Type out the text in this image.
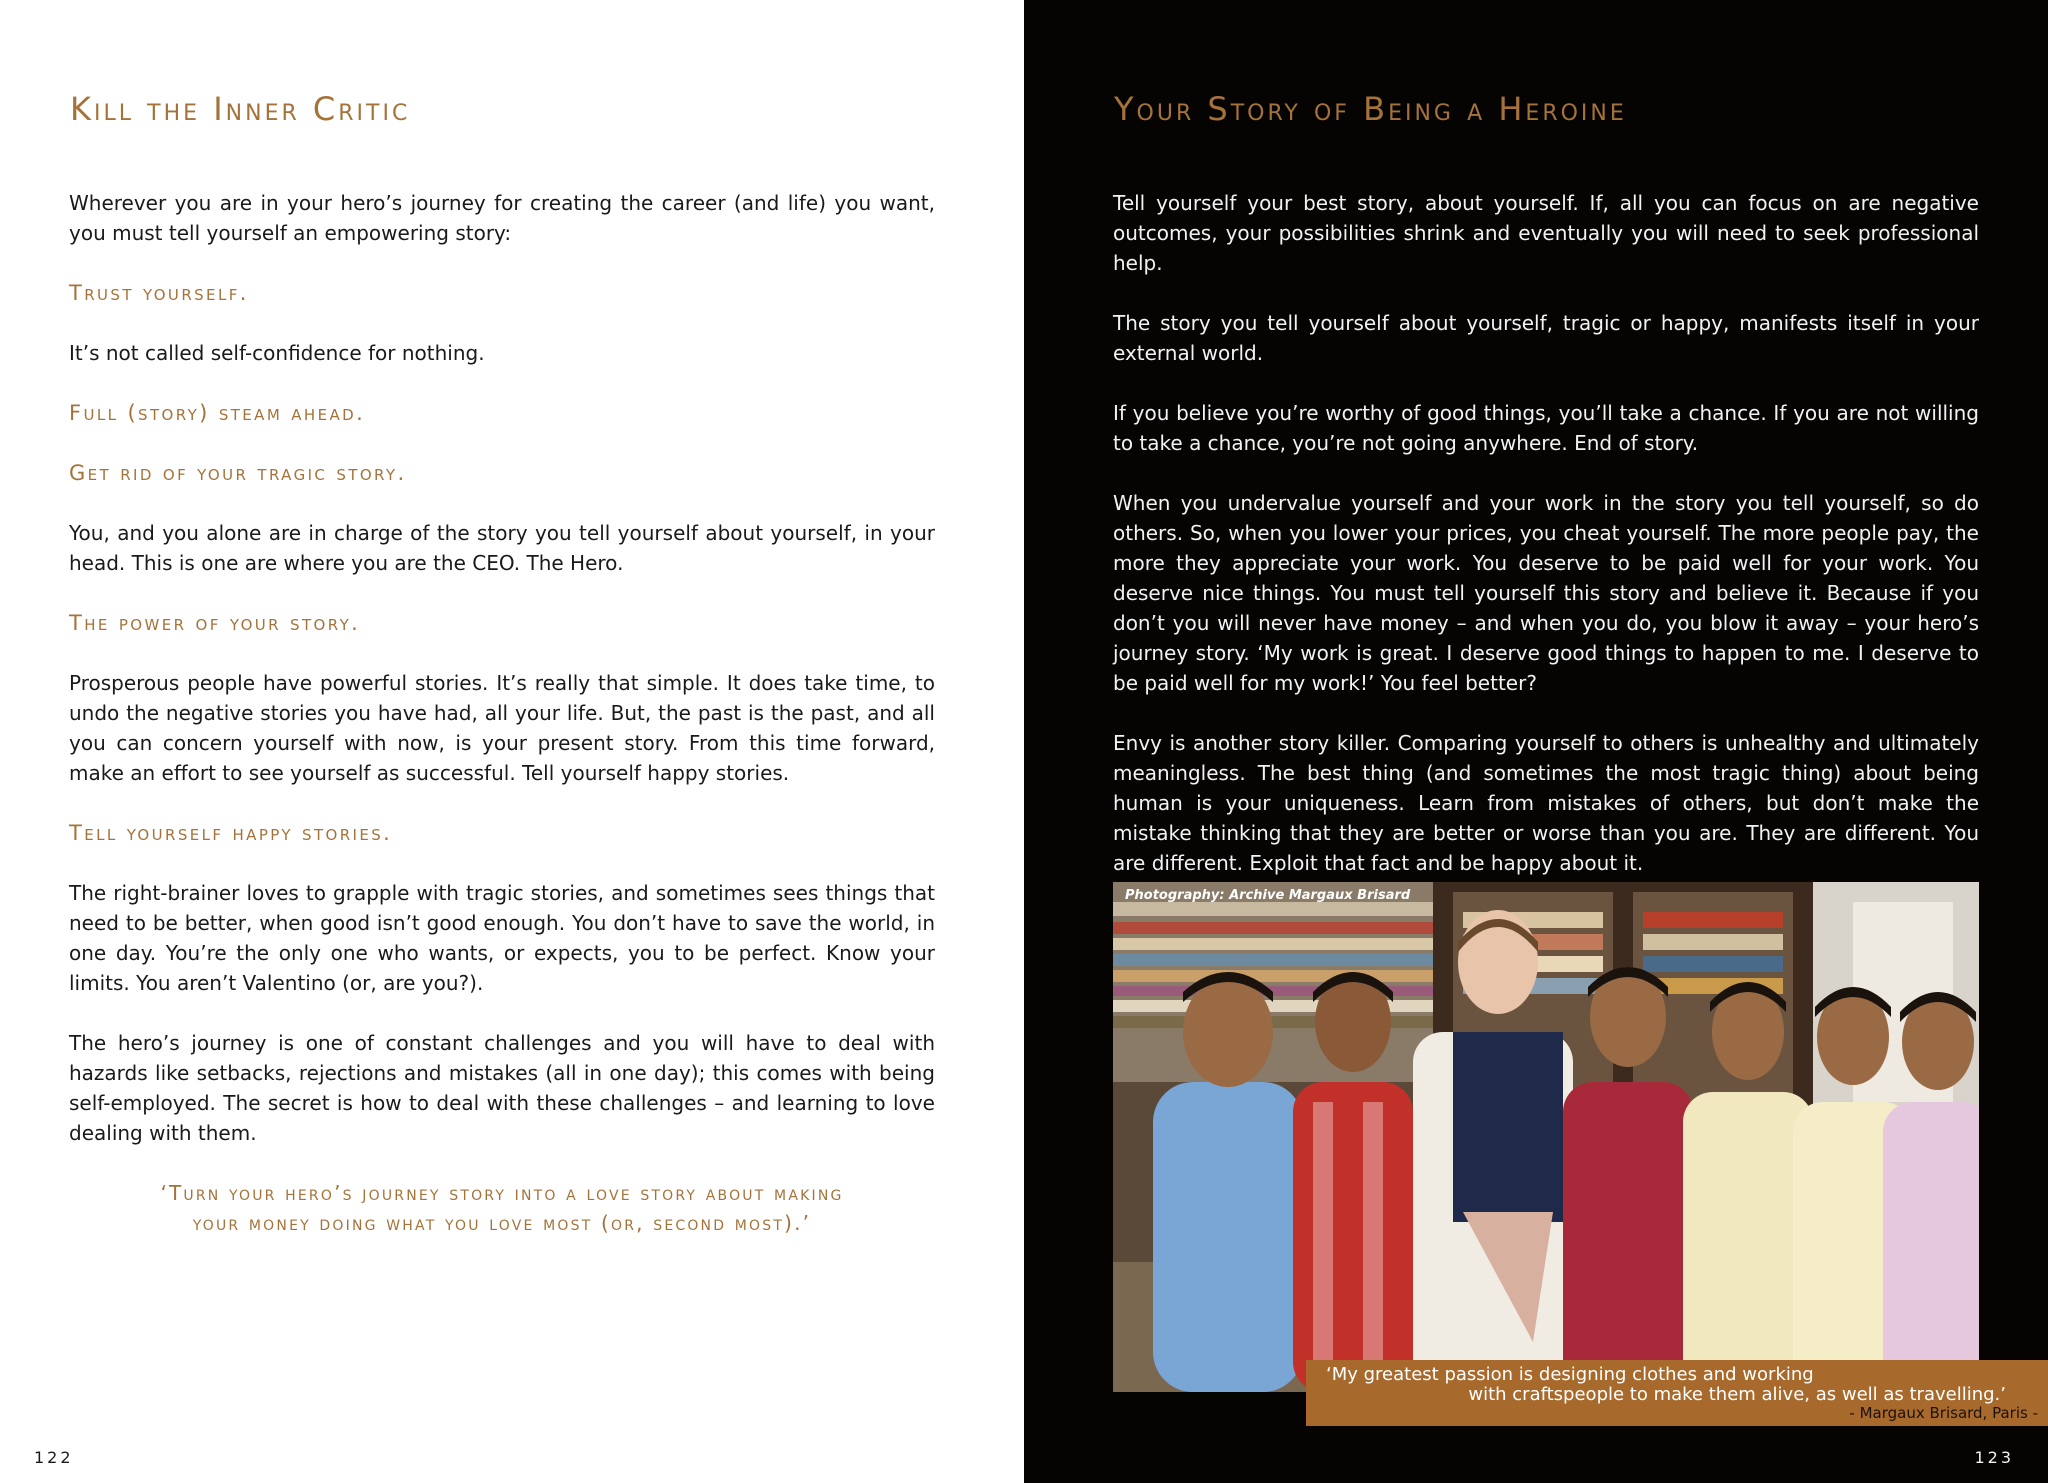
Kill the Inner Critic

Wherever you are in your hero’s journey for creating the career (and life) you want, you must tell yourself an empowering story:

Trust yourself.

It’s not called self-confidence for nothing.

Full (story) steam ahead.

Get rid of your tragic story.

You, and you alone are in charge of the story you tell yourself about yourself, in your head. This is one are where you are the CEO. The Hero.

The power of your story.

Prosperous people have powerful stories. It’s really that simple. It does take time, to undo the negative stories you have had, all your life. But, the past is the past, and all you can concern yourself with now, is your present story. From this time forward, make an effort to see yourself as successful. Tell yourself happy stories.

Tell yourself happy stories.

The right-brainer loves to grapple with tragic stories, and sometimes sees things that need to be better, when good isn’t good enough. You don’t have to save the world, in one day. You’re the only one who wants, or expects, you to be perfect. Know your limits. You aren’t Valentino (or, are you?).

The hero’s journey is one of constant challenges and you will have to deal with hazards like setbacks, rejections and mistakes (all in one day); this comes with being self-employed. The secret is how to deal with these challenges – and learning to love dealing with them.

‘Turn your hero’s journey story into a love story about making
your money doing what you love most (or, second most).’
122
Your Story of Being a Heroine

Tell yourself your best story, about yourself. If, all you can focus on are negative outcomes, your possibilities shrink and eventually you will need to seek professional help.

The story you tell yourself about yourself, tragic or happy, manifests itself in your external world.

If you believe you’re worthy of good things, you’ll take a chance. If you are not willing to take a chance, you’re not going anywhere. End of story.

When you undervalue yourself and your work in the story you tell yourself, so do others. So, when you lower your prices, you cheat yourself. The more people pay, the more they appreciate your work. You deserve to be paid well for your work. You deserve nice things. You must tell yourself this story and believe it. Because if you don’t you will never have money – and when you do, you blow it away – your hero’s journey story. ‘My work is great. I deserve good things to happen to me. I deserve to be paid well for my work!’ You feel better?

Envy is another story killer. Comparing yourself to others is unhealthy and ultimately meaningless. The best thing (and sometimes the most tragic thing) about being human is your uniqueness. Learn from mistakes of others, but don’t make the mistake thinking that they are better or worse than you are. They are different. You are different. Exploit that fact and be happy about it.

Photography: Archive Margaux Brisard
‘My greatest passion is designing clothes and working
with craftspeople to make them alive, as well as travelling.’
- Margaux Brisard, Paris -
123
